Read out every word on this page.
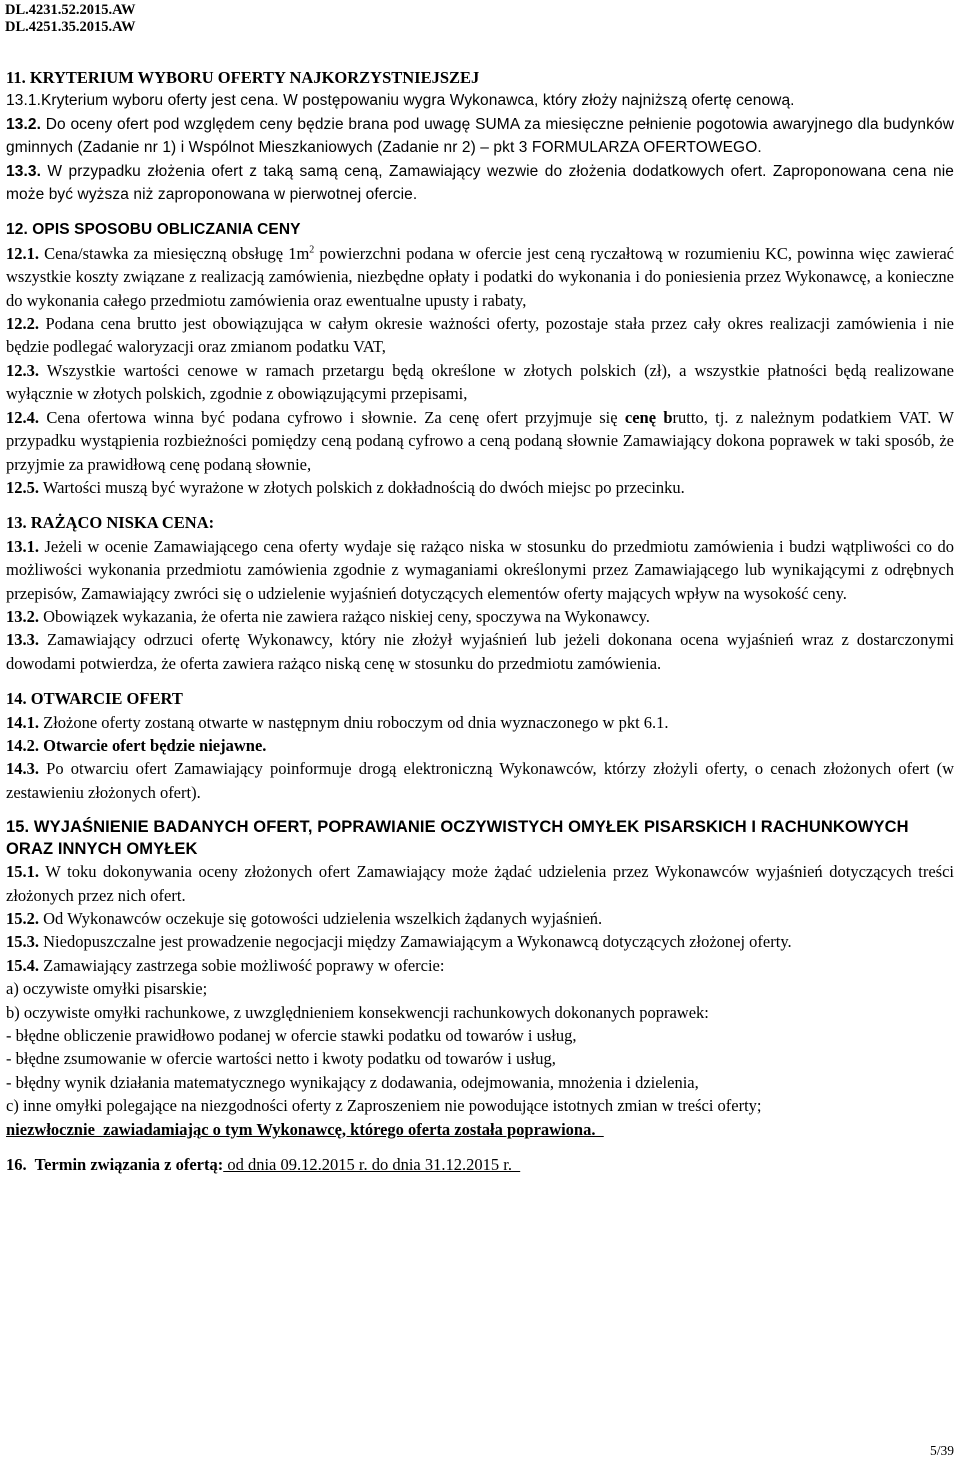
DL.4231.52.2015.AW
DL.4251.35.2015.AW

11. KRYTERIUM WYBORU OFERTY NAJKORZYSTNIEJSZEJ

13.1.Kryterium wyboru oferty jest cena. W postępowaniu wygra Wykonawca, który złoży najniższą ofertę cenową.

13.2. Do oceny ofert pod względem ceny będzie brana pod uwagę SUMA za miesięczne pełnienie pogotowia awaryjnego dla budynków gminnych (Zadanie nr 1) i Wspólnot Mieszkaniowych (Zadanie nr 2) – pkt 3 FORMULARZA OFERTOWEGO.

13.3. W przypadku złożenia ofert z taką samą ceną, Zamawiający wezwie do złożenia dodatkowych ofert. Zaproponowana cena nie może być wyższa niż zaproponowana w pierwotnej ofercie.

12. OPIS SPOSOBU OBLICZANIA CENY

12.1. Cena/stawka za miesięczną obsługę $1m^2$ powierzchni podana w ofercie jest ceną ryczałtową w rozumieniu KC, powinna więc zawierać wszystkie koszty związane z realizacją zamówienia, niezbędne opłaty i podatki do wykonania i do poniesienia przez Wykonawcę, a konieczne do wykonania całego przedmiotu zamówienia oraz ewentualne upusty i rabaty,

12.2. Podana cena brutto jest obowiązująca w całym okresie ważności oferty, pozostaje stała przez cały okres realizacji zamówienia i nie będzie podlegać waloryzacji oraz zmianom podatku VAT,

12.3. Wszystkie wartości cenowe w ramach przetargu będą określone w złotych polskich (zł), a wszystkie płatności będą realizowane wyłącznie w złotych polskich, zgodnie z obowiązującymi przepisami,

12.4. Cena ofertowa winna być podana cyfrowo i słownie. Za cenę ofert przyjmuje się cenę brutto, tj. z należnym podatkiem VAT. W przypadku wystąpienia rozbieżności pomiędzy ceną podaną cyfrowo a ceną podaną słownie Zamawiający dokona poprawek w taki sposób, że przyjmie za prawidłową cenę podaną słownie,

12.5. Wartości muszą być wyrażone w złotych polskich z dokładnością do dwóch miejsc po przecinku.

13. RAŻĄCO NISKA CENA:

13.1. Jeżeli w ocenie Zamawiającego cena oferty wydaje się rażąco niska w stosunku do przedmiotu zamówienia i budzi wątpliwości co do możliwości wykonania przedmiotu zamówienia zgodnie z wymaganiami określonymi przez Zamawiającego lub wynikającymi z odrębnych przepisów, Zamawiający zwróci się o udzielenie wyjaśnień dotyczących elementów oferty mających wpływ na wysokość ceny.

13.2. Obowiązek wykazania, że oferta nie zawiera rażąco niskiej ceny, spoczywa na Wykonawcy.

13.3. Zamawiający odrzuci ofertę Wykonawcy, który nie złożył wyjaśnień lub jeżeli dokonana ocena wyjaśnień wraz z dostarczonymi dowodami potwierdza, że oferta zawiera rażąco niską cenę w stosunku do przedmiotu zamówienia.

14. OTWARCIE OFERT

14.1. Złożone oferty zostaną otwarte w następnym dniu roboczym od dnia wyznaczonego w pkt 6.1.

14.2. Otwarcie ofert będzie niejawne.

14.3. Po otwarciu ofert Zamawiający poinformuje drogą elektroniczną Wykonawców, którzy złożyli oferty, o cenach złożonych ofert (w zestawieniu złożonych ofert).

15. WYJAŚNIENIE BADANYCH OFERT, POPRAWIANIE OCZYWISTYCH OMYŁEK PISARSKICH I RACHUNKOWYCH ORAZ INNYCH OMYŁEK

15.1. W toku dokonywania oceny złożonych ofert Zamawiający może żądać udzielenia przez Wykonawców wyjaśnień dotyczących treści złożonych przez nich ofert.

15.2. Od Wykonawców oczekuje się gotowości udzielenia wszelkich żądanych wyjaśnień.

15.3. Niedopuszczalne jest prowadzenie negocjacji między Zamawiającym a Wykonawcą dotyczących złożonej oferty.

15.4. Zamawiający zastrzega sobie możliwość poprawy w ofercie:

a) oczywiste omyłki pisarskie;

b) oczywiste omyłki rachunkowe, z uwzględnieniem konsekwencji rachunkowych dokonanych poprawek:

- błędne obliczenie prawidłowo podanej w ofercie stawki podatku od towarów i usług,

- błędne zsumowanie w ofercie wartości netto i kwoty podatku od towarów i usług,

- błędny wynik działania matematycznego wynikający z dodawania, odejmowania, mnożenia i dzielenia,

c) inne omyłki polegające na niezgodności oferty z Zaproszeniem nie powodujące istotnych zmian w treści oferty;

niezwłocznie  zawiadamiając o tym Wykonawcę, którego oferta została poprawiona.

16.  Termin związania z ofertą: od dnia 09.12.2015 r. do dnia 31.12.2015 r.

5/39
